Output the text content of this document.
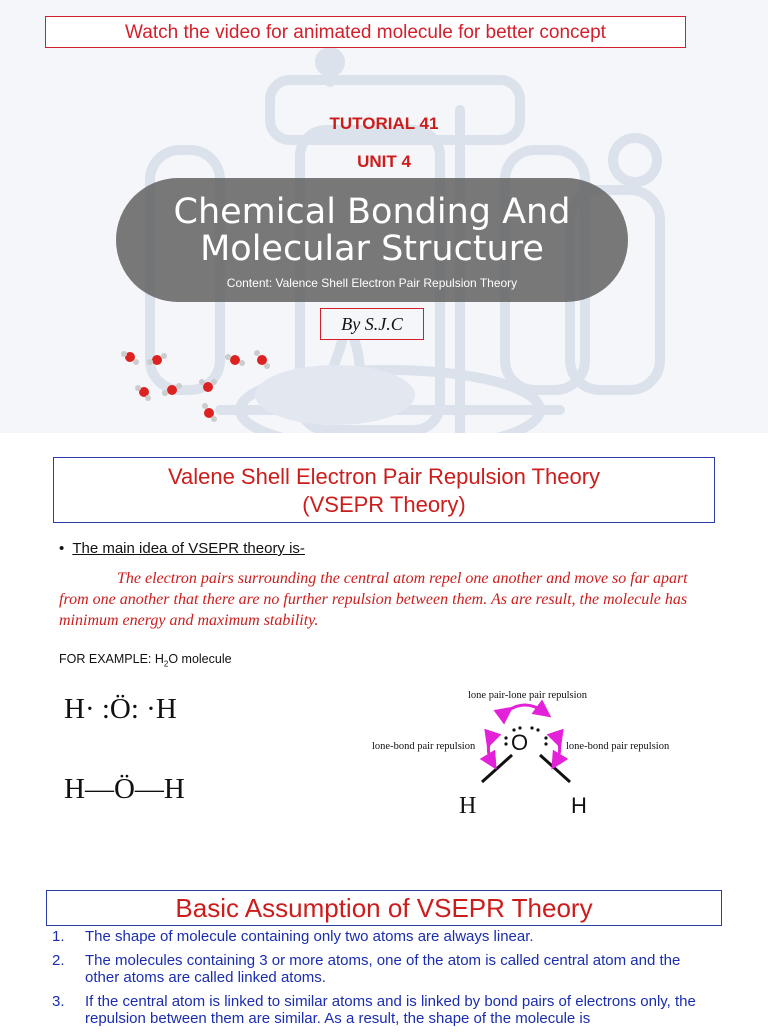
Watch the video for animated molecule for better concept
TUTORIAL 41
UNIT 4
Chemical Bonding And
Molecular Structure
Content: Valence Shell Electron Pair Repulsion Theory
By S.J.C
Valene Shell Electron Pair Repulsion Theory
(VSEPR Theory)
•  The main idea of VSEPR theory is-
The electron pairs surrounding the central atom repel one another and move so far apart from one another that there are no further repulsion between them. As are result, the molecule has minimum energy and maximum stability.
FOR EXAMPLE: $H_2O$ molecule
H· :Ö: ·H
H—Ö—H
lone pair-lone pair repulsion
lone-bond pair repulsion	lone-bond pair repulsion
O
H	H
Basic Assumption of VSEPR Theory
1. The shape of molecule containing only two atoms are always linear.
2. The molecules containing 3 or more atoms, one of the atom is called central atom and the other atoms are called linked atoms.
3. If the central atom is linked to similar atoms and is linked by bond pairs of electrons only, the repulsion between them are similar. As a result, the shape of the molecule is
